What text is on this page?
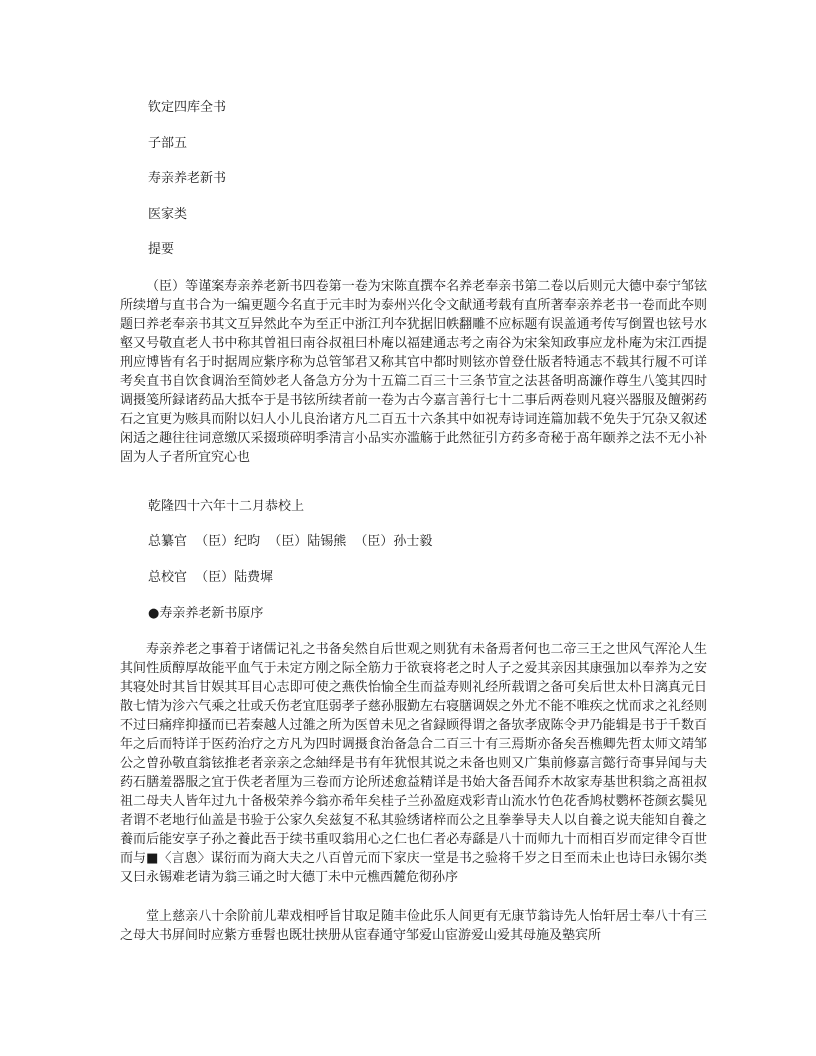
钦定四库全书
子部五
寿亲养老新书
医家类
提要
（臣）等谨案寿亲养老新书四卷第一卷为宋陈直撰夲名养老奉亲书第二卷以后则元大德中泰宁邹铉所续增与直书合为一编更题今名直于元丰时为泰州兴化令文献通考载有直所著奉亲养老书一卷而此夲则题曰养老奉亲书其文互异然此夲为至正中浙江刋夲犹据旧帙翻雕不应标题有误盖通考传写倒置也铉号水壑又号敬直老人书中称其曽祖曰南谷叔祖曰朴庵以福建通志考之南谷为宋枀知政事应龙朴庵为宋江西提刑应博皆有名于时据周应紫序称为总管邹君又称其官中都时则铉亦曽登仕版者特通志不载其行履不可详考矣直书自饮食调治至简妙老人备急方分为十五篇二百三十三条节宣之法甚备明髙濂作尊生八笺其四时调摄笺所録诸药品大抵夲于是书铉所续者前一卷为古今嘉言善行七十二事后两卷则凡寝兴器服及饘粥药石之宜更为赅具而附以妇人小儿良治诸方凡二百五十六条其中如祝寿诗词连篇加载不免失于冗杂又叙述闲适之趣往往词意缴仄采掇琐碎明季清言小品实亦滥觞于此然征引方药多奇秘于髙年颐养之法不无小补固为人子者所宜究心也
乾隆四十六年十二月恭校上
总纂官 （臣）纪昀 （臣）陆锡熊 （臣）孙士毅
总校官 （臣）陆费墀
●寿亲养老新书原序
寿亲养老之事着于诸儒记礼之书备矣然自后世观之则犹有未备焉者何也二帝三王之世风气浑沦人生其间性质醇厚故能平血气于未定方刚之际全筋力于欲衰将老之时人子之爱其亲因其康强加以奉养为之安其寝处时其旨甘娱其耳目心志即可使之燕佚怡愉全生而益寿则礼经所载谓之备可矣后世太朴日漓真元日散七情为沴六气乘之壮或夭伤老宜尫弱孝子慈孙服勤左右寝膳调娱之外尤不能不唯疾之忧而求之礼经则不过曰痛痒抑搔而已若秦越人过雒之所为医曽未见之省録顾得谓之备欤孝宬陈令尹乃能辑是书于千数百年之后而特详于医药治疗之方凡为四时调摄食治备急合二百三十有三焉斯亦备矣吾樵卿先哲太师文靖邹公之曽孙敬直翁铉推老者亲亲之念紬绎是书有年犹恨其说之未备也则又广集前修嘉言懿行奇事异闻与夫药石膳羞器服之宜于佚老者厘为三卷而方论所述愈益精详是书始大备吾闻乔木故家寿基世积翁之髙祖叔祖二母夫人皆年过九十备极荣养今翁亦希年矣桂子兰孙盈庭戏彩青山流水竹色花香鸠杖鹦杯苍颜玄鬓见者谓不老地行仙盖是书验于公家久矣兹复不私其验绣诸梓而公之且拳拳导夫人以自養之说夫能知自養之養而后能安享子孙之養此吾于续书重叹翁用心之仁也仁者必寿繇是八十而师九十而相百岁而定律令百世而与■〈言悤〉谋衍而为商大夫之八百曽元而下家庆一堂是书之验将千岁之日至而未止也诗曰永锡尔类又曰永锡难老请为翁三诵之时大德丁未中元樵西麓危彻孙序
堂上慈亲八十余阶前儿辈戏相呼旨甘取足随丰俭此乐人间更有无康节翁诗先人怡轩居士奉八十有三之母大书屏间时应紫方垂髫也既壮挟册从宦春通守邹爱山宦游爱山爱其母施及塾宾所
